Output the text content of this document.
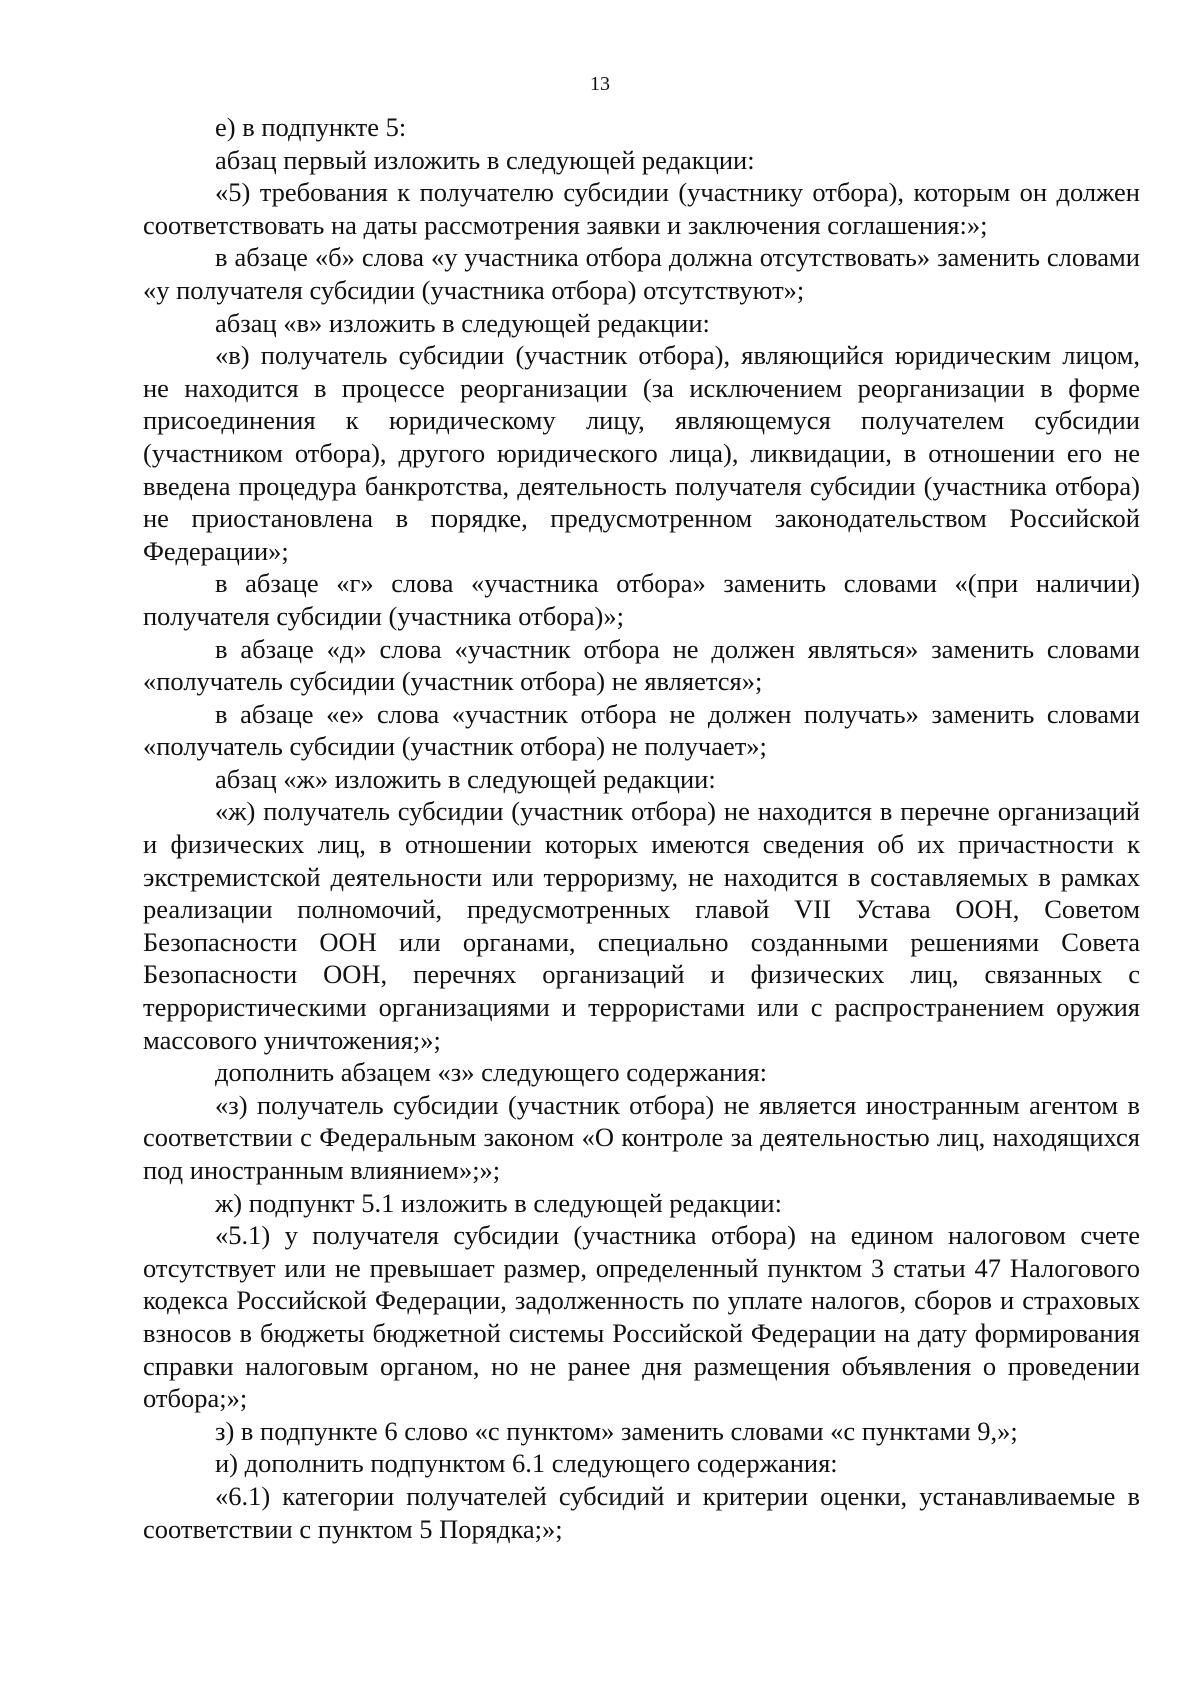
13

е) в подпункте 5:

абзац первый изложить в следующей редакции:

«5) требования к получателю субсидии (участнику отбора), которым он должен соответствовать на даты рассмотрения заявки и заключения соглашения:»;

в абзаце «б» слова «у участника отбора должна отсутствовать» заменить словами «у получателя субсидии (участника отбора) отсутствуют»;

абзац «в» изложить в следующей редакции:

«в) получатель субсидии (участник отбора), являющийся юридическим лицом, не находится в процессе реорганизации (за исключением реорганизации в форме присоединения к юридическому лицу, являющемуся получателем субсидии (участником отбора), другого юридического лица), ликвидации, в отношении его не введена процедура банкротства, деятельность получателя субсидии (участника отбора) не приостановлена в порядке, предусмотренном законодательством Российской Федерации»;

в абзаце «г» слова «участника отбора» заменить словами «(при наличии) получателя субсидии (участника отбора)»;

в абзаце «д» слова «участник отбора не должен являться» заменить словами «получатель субсидии (участник отбора) не является»;

в абзаце «е» слова «участник отбора не должен получать» заменить словами «получатель субсидии (участник отбора) не получает»;

абзац «ж» изложить в следующей редакции:

«ж) получатель субсидии (участник отбора) не находится в перечне организаций и физических лиц, в отношении которых имеются сведения об их причастности к экстремистской деятельности или терроризму, не находится в составляемых в рамках реализации полномочий, предусмотренных главой VII Устава ООН, Советом Безопасности ООН или органами, специально созданными решениями Совета Безопасности ООН, перечнях организаций и физических лиц, связанных с террористическими организациями и террористами или с распространением оружия массового уничтожения;»;

дополнить абзацем «з» следующего содержания:

«з) получатель субсидии (участник отбора) не является иностранным агентом в соответствии с Федеральным законом «О контроле за деятельностью лиц, находящихся под иностранным влиянием»;»;

ж) подпункт 5.1 изложить в следующей редакции:

«5.1) у получателя субсидии (участника отбора) на едином налоговом счете отсутствует или не превышает размер, определенный пунктом 3 статьи 47 Налогового кодекса Российской Федерации, задолженность по уплате налогов, сборов и страховых взносов в бюджеты бюджетной системы Российской Федерации на дату формирования справки налоговым органом, но не ранее дня размещения объявления о проведении отбора;»;

з) в подпункте 6 слово «с пунктом» заменить словами «с пунктами 9,»;

и) дополнить подпунктом 6.1 следующего содержания:

«6.1) категории получателей субсидий и критерии оценки, устанавливаемые в соответствии с пунктом 5 Порядка;»;
